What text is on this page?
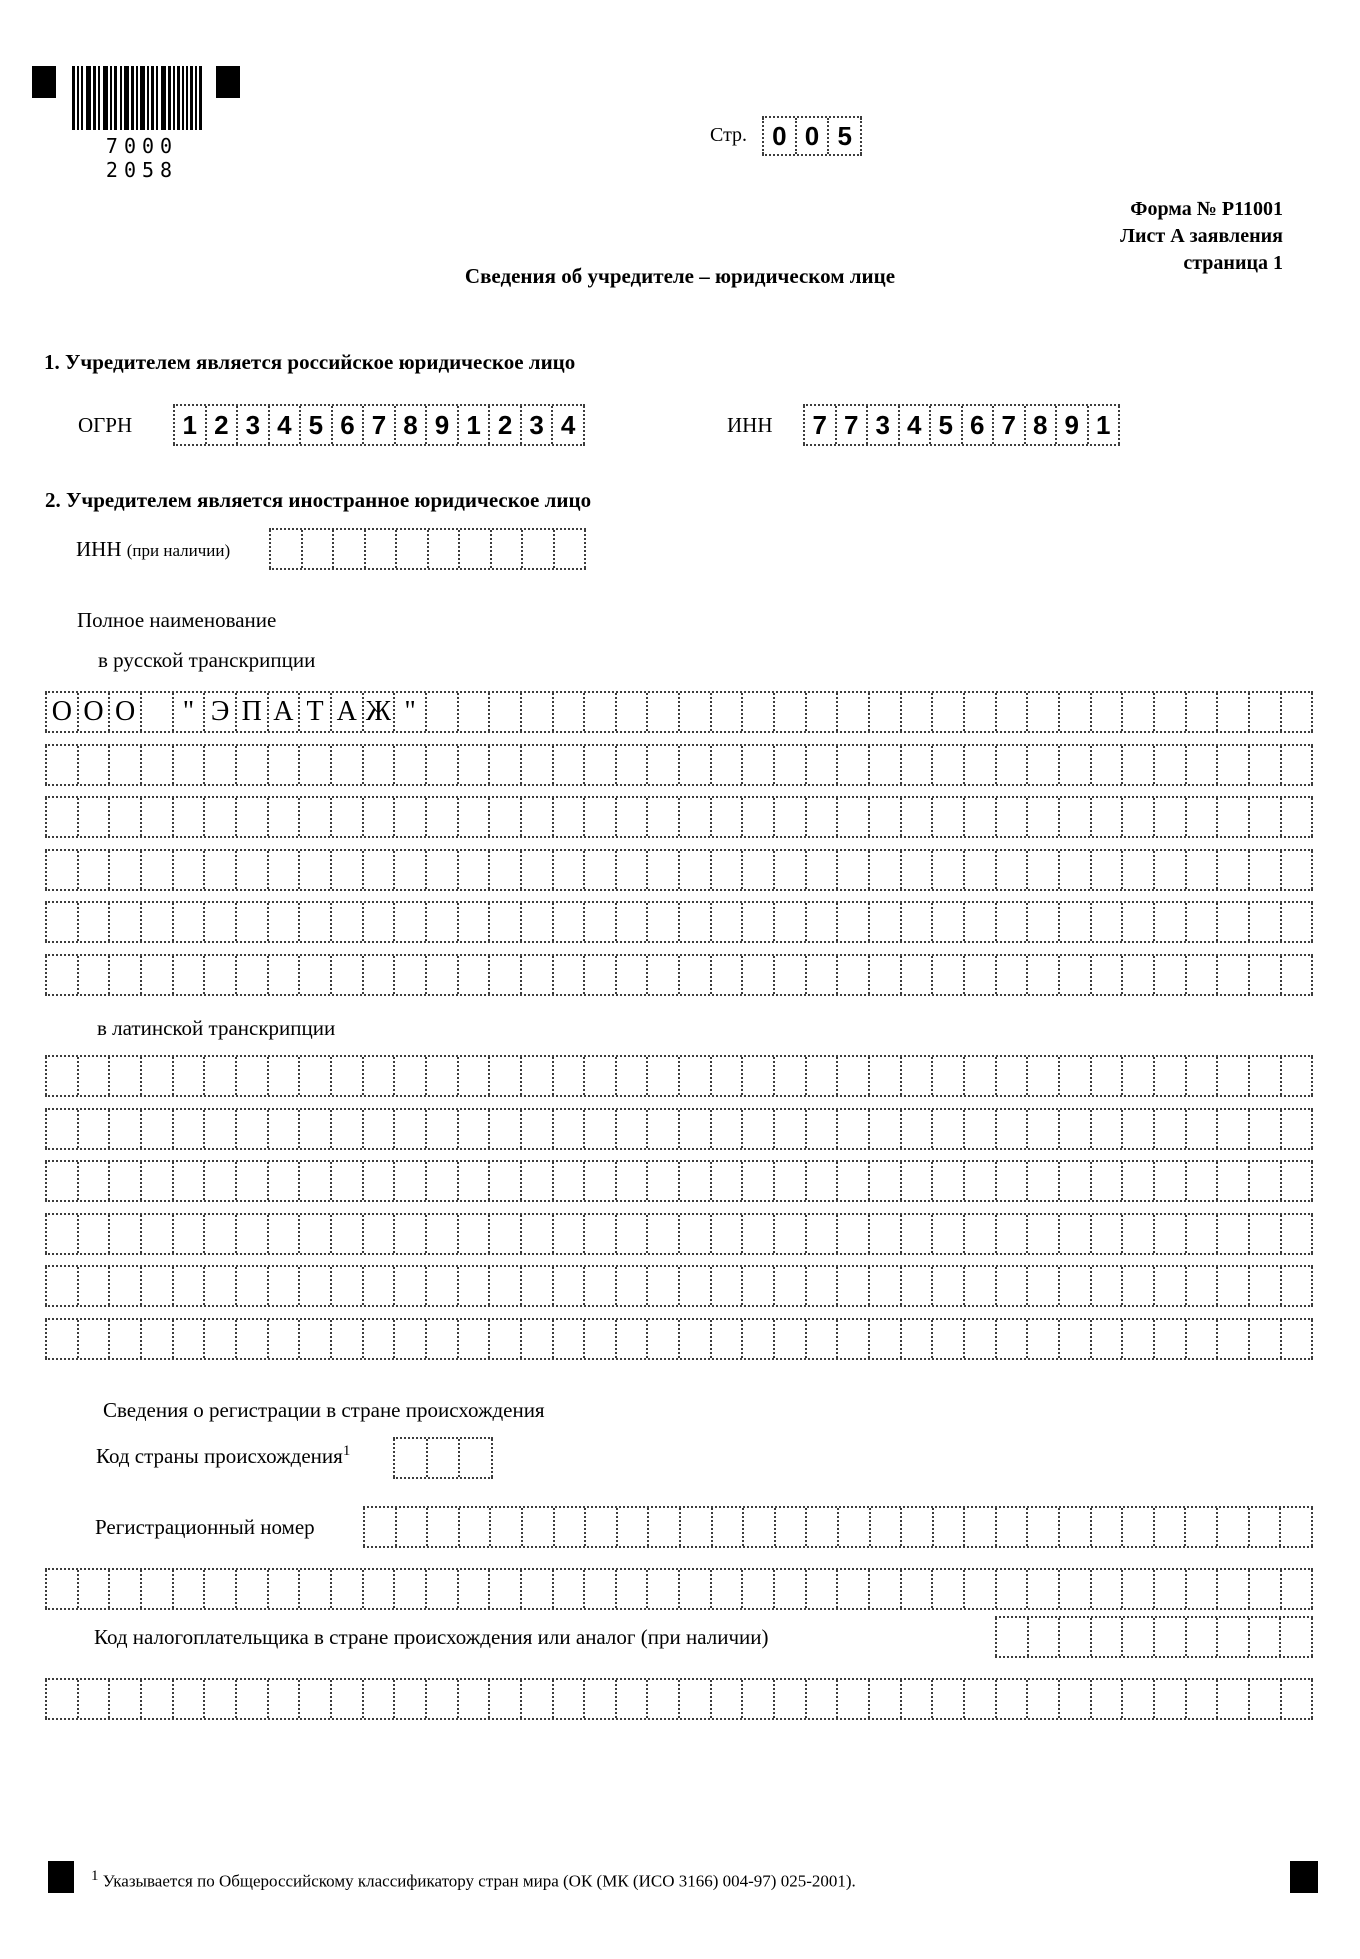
7000 2058
Стр. 0 0 5
Форма № Р11001
Лист А заявления
страница 1
Сведения об учредителе – юридическом лице
1. Учредителем является российское юридическое лицо
ОГРН	1 2 3 4 5 6 7 8 9 1 2 3 4	ИНН	7 7 3 4 5 6 7 8 9 1
2. Учредителем является иностранное юридическое лицо
ИНН (при наличии)
Полное наименование
в русской транскрипции
О О О	" Э П А Т А Ж "
в латинской транскрипции
Сведения о регистрации в стране происхождения
Код страны происхождения$^1$
Регистрационный номер
Код налогоплательщика в стране происхождения или аналог (при наличии)
$^1$ Указывается по Общероссийскому классификатору стран мира (ОК (МК (ИСО 3166) 004-97) 025-2001).
